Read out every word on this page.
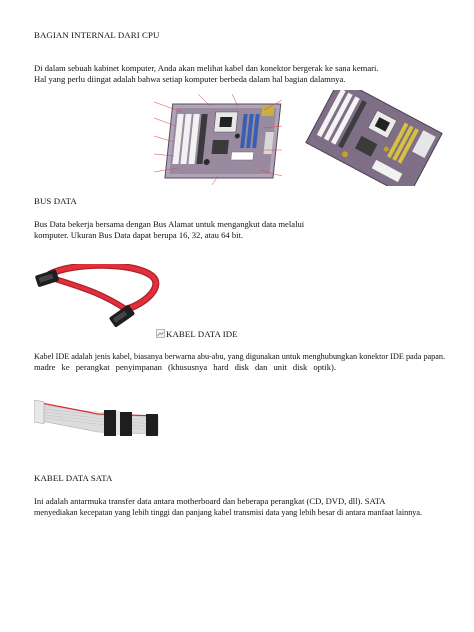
BAGIAN INTERNAL DARI CPU
Di dalam sebuah kabinet komputer, Anda akan melihat kabel dan konektor bergerak ke sana kemari.
Hal yang perlu diingat adalah bahwa setiap komputer berbeda dalam hal bagian dalamnya.
BUS DATA
Bus Data bekerja bersama dengan Bus Alamat untuk mengangkut data melalui
komputer. Ukuran Bus Data dapat berupa 16, 32, atau 64 bit.
KABEL DATA IDE
Kabel IDE adalah jenis kabel, biasanya berwarna abu-abu, yang digunakan untuk menghubungkan konektor IDE pada papan.
madre ke perangkat penyimpanan (khususnya hard disk dan unit disk optik).
KABEL DATA SATA
Ini adalah antarmuka transfer data antara motherboard dan beberapa perangkat (CD, DVD, dll). SATA
menyediakan kecepatan yang lebih tinggi dan panjang kabel transmisi data yang lebih besar di antara manfaat lainnya.
